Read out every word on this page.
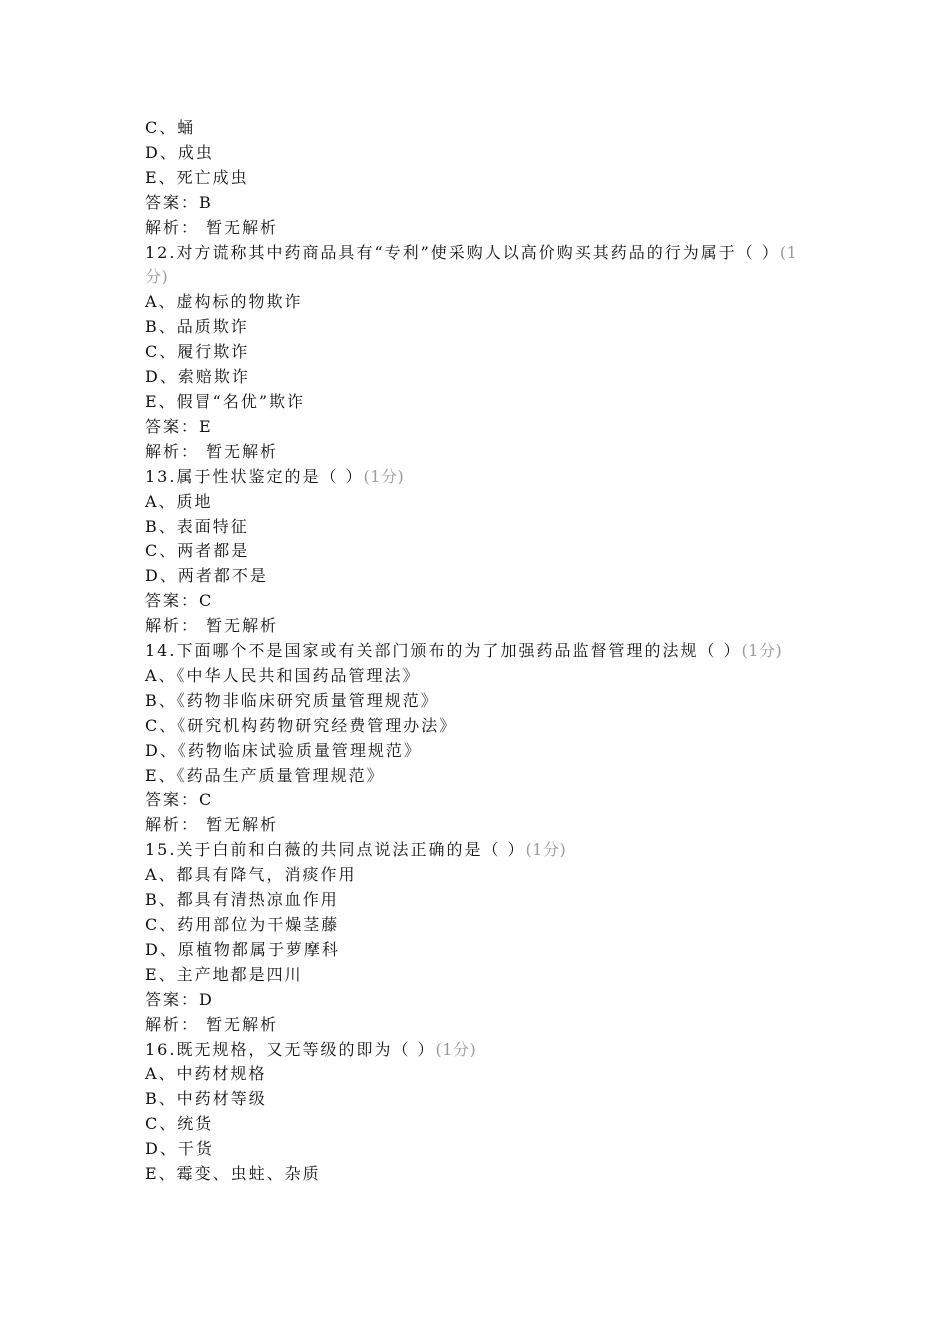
C、蛹
D、成虫
E、死亡成虫
答案：B
解析： 暂无解析
12.对方谎称其中药商品具有“专利”使采购人以高价购买其药品的行为属于（ ）(1分)
A、虚构标的物欺诈
B、品质欺诈
C、履行欺诈
D、索赔欺诈
E、假冒“名优”欺诈
答案：E
解析： 暂无解析
13.属于性状鉴定的是（ ）(1分)
A、质地
B、表面特征
C、两者都是
D、两者都不是
答案：C
解析： 暂无解析
14.下面哪个不是国家或有关部门颁布的为了加强药品监督管理的法规（ ）(1分)
A、《中华人民共和国药品管理法》
B、《药物非临床研究质量管理规范》
C、《研究机构药物研究经费管理办法》
D、《药物临床试验质量管理规范》
E、《药品生产质量管理规范》
答案：C
解析： 暂无解析
15.关于白前和白薇的共同点说法正确的是（ ）(1分)
A、都具有降气，消痰作用
B、都具有清热凉血作用
C、药用部位为干燥茎藤
D、原植物都属于萝摩科
E、主产地都是四川
答案：D
解析： 暂无解析
16.既无规格，又无等级的即为（ ）(1分)
A、中药材规格
B、中药材等级
C、统货
D、干货
E、霉变、虫蛀、杂质
